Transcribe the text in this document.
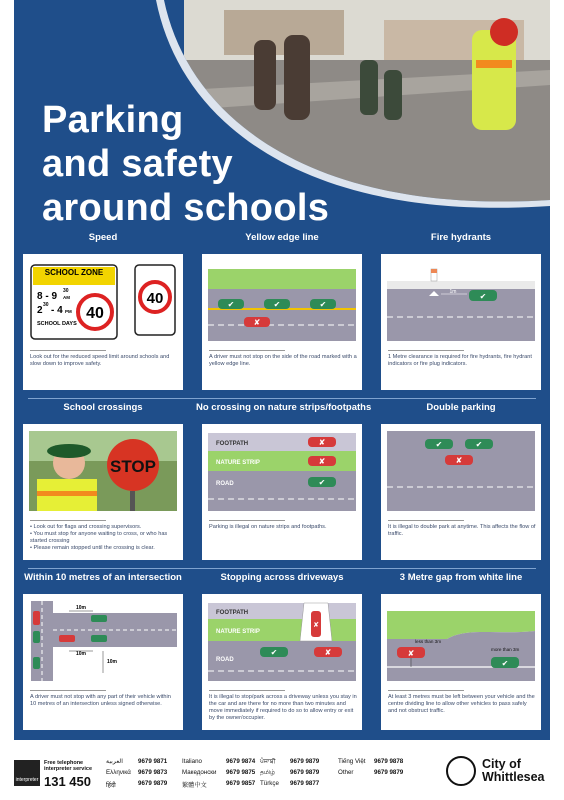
Parking
and safety
around schools
Speed
SCHOOL ZONE
8 - 9 30
AM
2 30 - 4 PM
SCHOOL DAYS
40
40
Look out for the reduced speed limit around schools and slow down to improve safety.
Yellow edge line
✔	✔	✔
✘
A driver must not stop on the side of the road marked with a yellow edge line.
Fire hydrants
1m	✔
1 Metre clearance is required for fire hydrants, fire hydrant indicators or fire plug indicators.
School crossings
STOP
• Look out for flags and crossing supervisors.
• You must stop for anyone waiting to cross, or who has started crossing
• Please remain stopped until the crossing is clear.
No crossing on nature strips/footpaths
FOOTPATH
NATURE STRIP
ROAD
✘
✘
✔
Parking is illegal on nature strips and footpaths.
Double parking
✔	✔
✘
It is illegal to double park at anytime. This affects the flow of traffic.
Within 10 metres of an intersection
10m
10m
10m
A driver must not stop with any part of their vehicle within 10 metres of an intersection unless signed otherwise.
Stopping across driveways
FOOTPATH
NATURE STRIP
ROAD
✘
✔	✘
It is illegal to stop/park across a driveway unless you stay in the car and are there for no more than two minutes and move immediately if required to do so to allow entry or exit by the owner/occupier.
3 Metre gap from white line
less than 3m
more than 3m
✘
✔
At least 3 metres must be left between your vehicle and the centre dividing line to allow other vehicles to pass safely and not obstruct traffic.
interpreter
Free telephone
interpreter service
131 450
العربية 9679 9871
Ελληνικά 9679 9873
हिंदी	9679 9879
Italiano	9679 9874
Македонски 9679 9875
繁體中文	9679 9857
ਪੰਜਾਬੀ 9679 9879
தமிழ் 9679 9879
Türkçe 9679 9877
Tiếng Việt 9679 9878
Other	9679 9879
City of
Whittlesea
